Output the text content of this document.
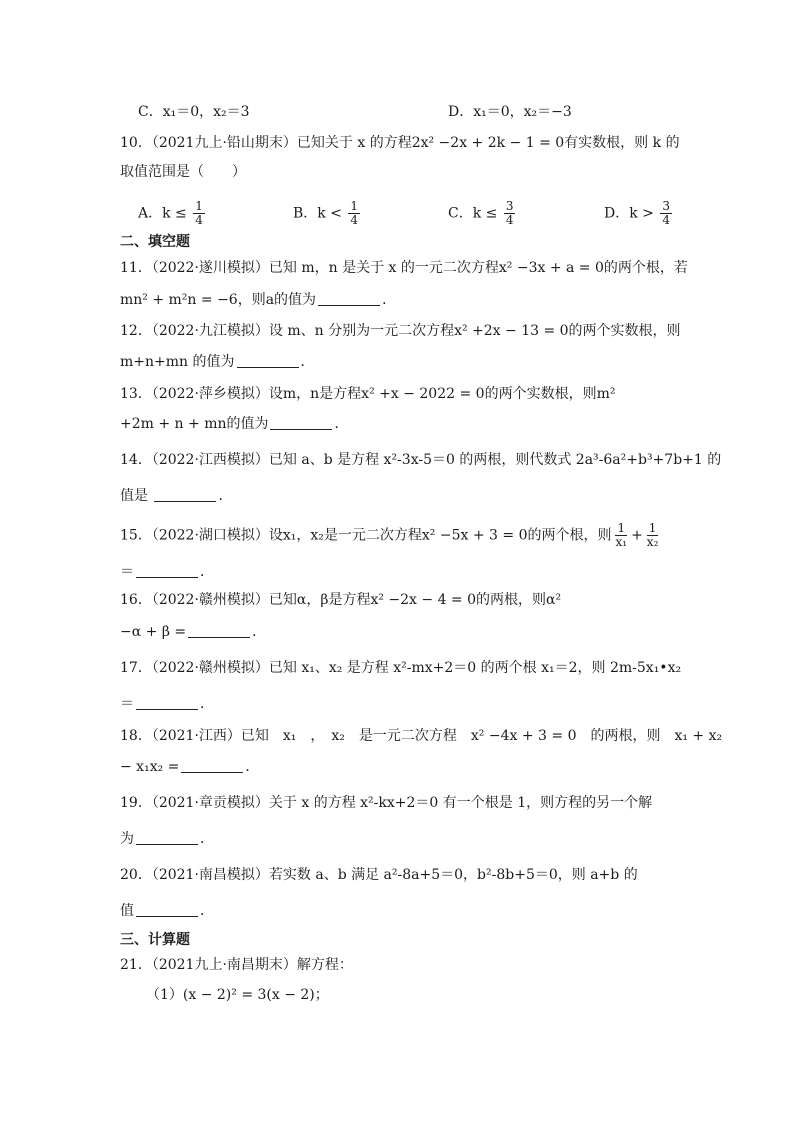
C．x₁＝0，x₂＝3	D．x₁＝0，x₂＝−3
10．（2021九上·铅山期末）已知关于 x 的方程2x² −2x + 2k − 1 = 0有实数根，则 k 的
取值范围是（　　）
A．$k \le \frac{1}{4}$	B．$k < \frac{1}{4}$	C．$k \le \frac{3}{4}$	D．$k > \frac{3}{4}$
二、填空题
11．（2022·遂川模拟）已知 m，n 是关于 x 的一元二次方程x² −3x + a = 0的两个根，若
mn² + m²n = −6，则a的值为	．
12．（2022·九江模拟）设 m、n 分别为一元二次方程x² +2x − 13 = 0的两个实数根，则
m+n+mn 的值为	．
13．（2022·萍乡模拟）设m，n是方程x² +x − 2022 = 0的两个实数根，则m²
+2m + n + mn的值为	．
14．（2022·江西模拟）已知 a、b 是方程 x²-3x-5＝0 的两根，则代数式 2a³-6a²+b³+7b+1 的
值是	．
15．（2022·湖口模拟）设x₁，x₂是一元二次方程x² −5x + 3 = 0的两个根，则 $\frac{1}{\text{x₁}} + \frac{1}{\text{x₂}}$
＝	．
16．（2022·赣州模拟）已知α，β是方程x² −2x − 4 = 0的两根，则α²
−α + β =	．
17．（2022·赣州模拟）已知 x₁、x₂ 是方程 x²-mx+2＝0 的两个根 x₁＝2，则 2m-5x₁•x₂
＝	．
18．（2021·江西）已知　x₁　，　x₂　是一元二次方程　x² −4x + 3 = 0　的两根，则　x₁ + x₂
− x₁x₂ =	．
19．（2021·章贡模拟）关于 x 的方程 x²-kx+2＝0 有一个根是 1，则方程的另一个解
为	．
20．（2021·南昌模拟）若实数 a、b 满足 a²-8a+5＝0，b²-8b+5＝0，则 a+b 的
值	．
三、计算题
21．（2021九上·南昌期末）解方程：
（1）(x − 2)² = 3(x − 2)；
